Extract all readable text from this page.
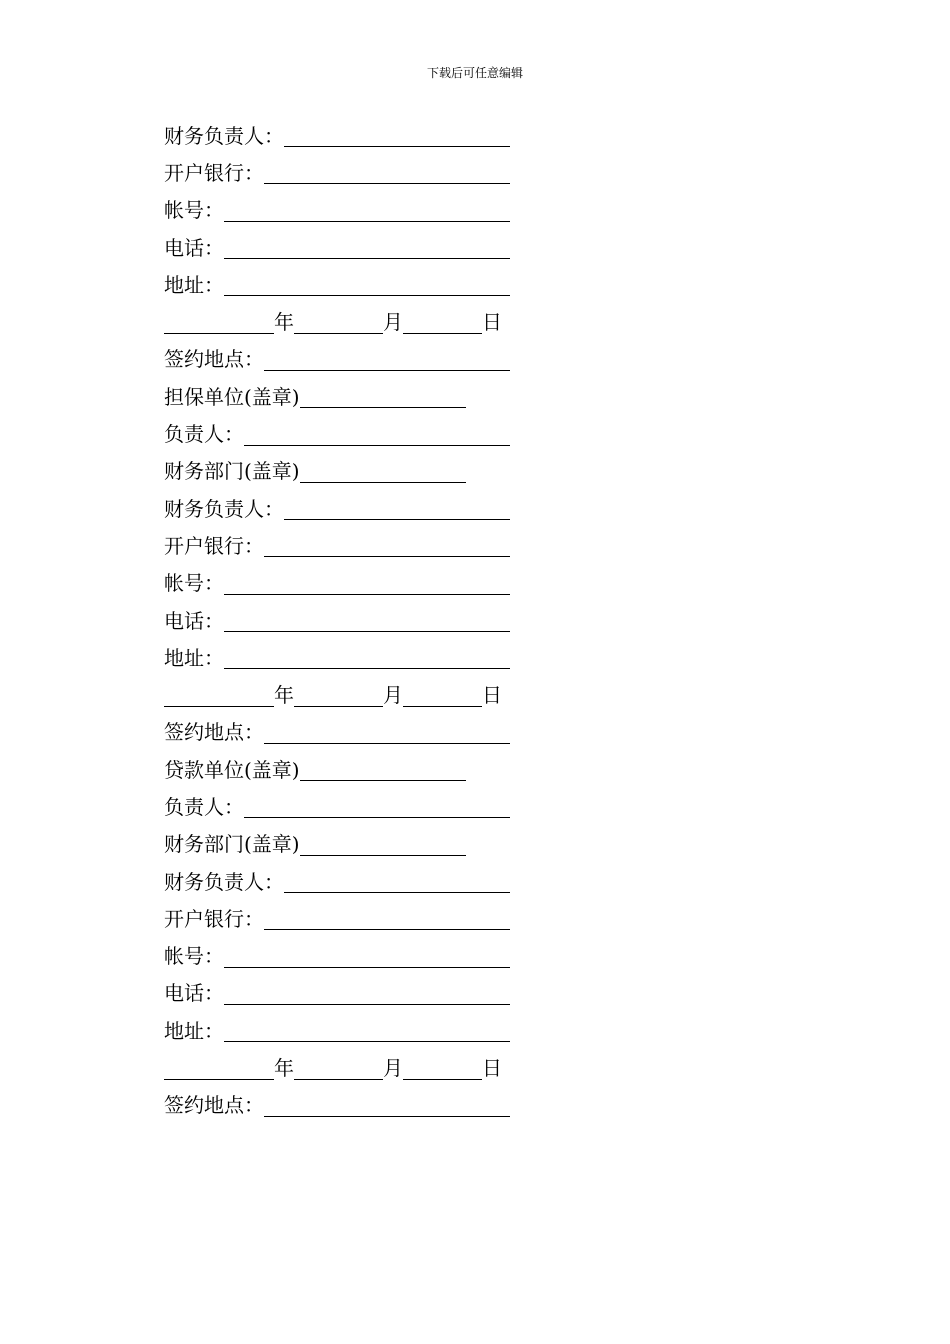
下载后可任意编辑
财务负责人：
开户银行：
帐号：
电话：
地址：
年	月	日
签约地点：
担保单位(盖章)
负责人：
财务部门(盖章)
财务负责人：
开户银行：
帐号：
电话：
地址：
年	月	日
签约地点：
贷款单位(盖章)
负责人：
财务部门(盖章)
财务负责人：
开户银行：
帐号：
电话：
地址：
年	月	日
签约地点：
